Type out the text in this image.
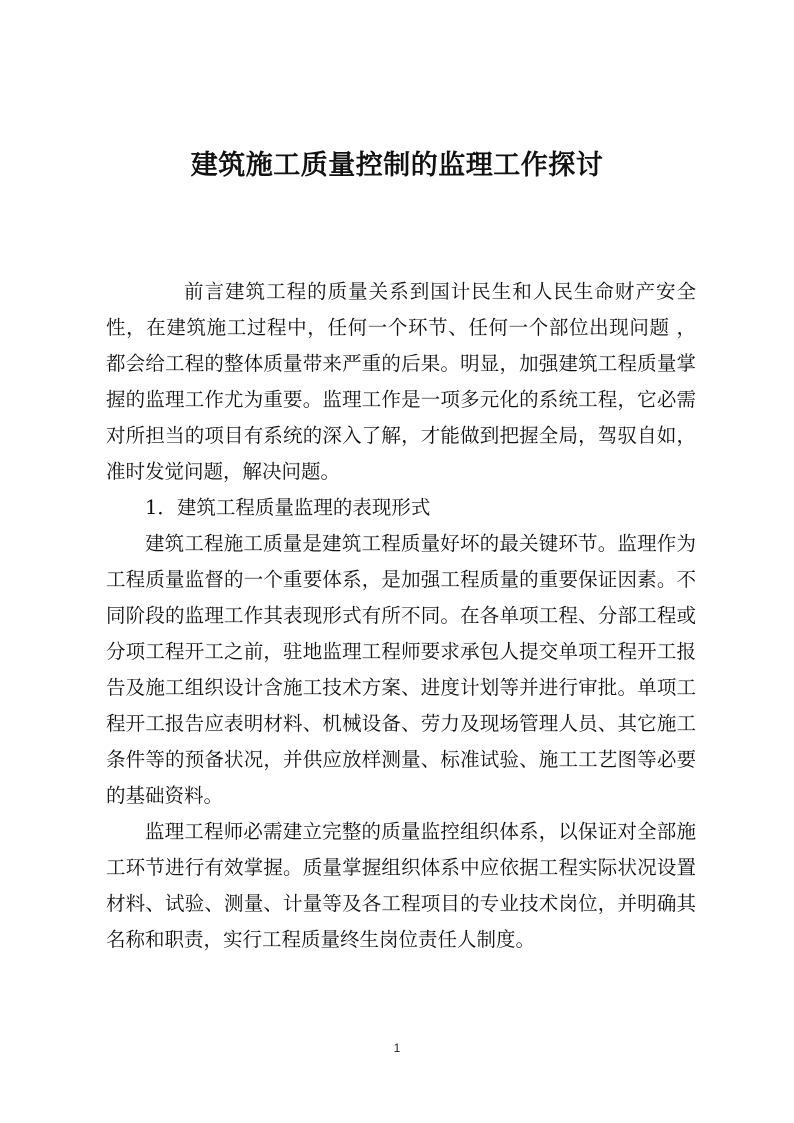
建筑施工质量控制的监理工作探讨

前言建筑工程的质量关系到国计民生和人民生命财产安全性，在建筑施工过程中，任何一个环节、任何一个部位出现问题 ，都会给工程的整体质量带来严重的后果。明显，加强建筑工程质量掌握的监理工作尤为重要。监理工作是一项多元化的系统工程，它必需对所担当的项目有系统的深入了解，才能做到把握全局，驾驭自如，准时发觉问题，解决问题。

1．建筑工程质量监理的表现形式

建筑工程施工质量是建筑工程质量好坏的最关键环节。监理作为工程质量监督的一个重要体系，是加强工程质量的重要保证因素。不同阶段的监理工作其表现形式有所不同。在各单项工程、分部工程或分项工程开工之前，驻地监理工程师要求承包人提交单项工程开工报告及施工组织设计含施工技术方案、进度计划等并进行审批。单项工程开工报告应表明材料、机械设备、劳力及现场管理人员、其它施工条件等的预备状况，并供应放样测量、标准试验、施工工艺图等必要的基础资料。

监理工程师必需建立完整的质量监控组织体系，以保证对全部施工环节进行有效掌握。质量掌握组织体系中应依据工程实际状况设置材料、试验、测量、计量等及各工程项目的专业技术岗位，并明确其名称和职责，实行工程质量终生岗位责任人制度。

1
